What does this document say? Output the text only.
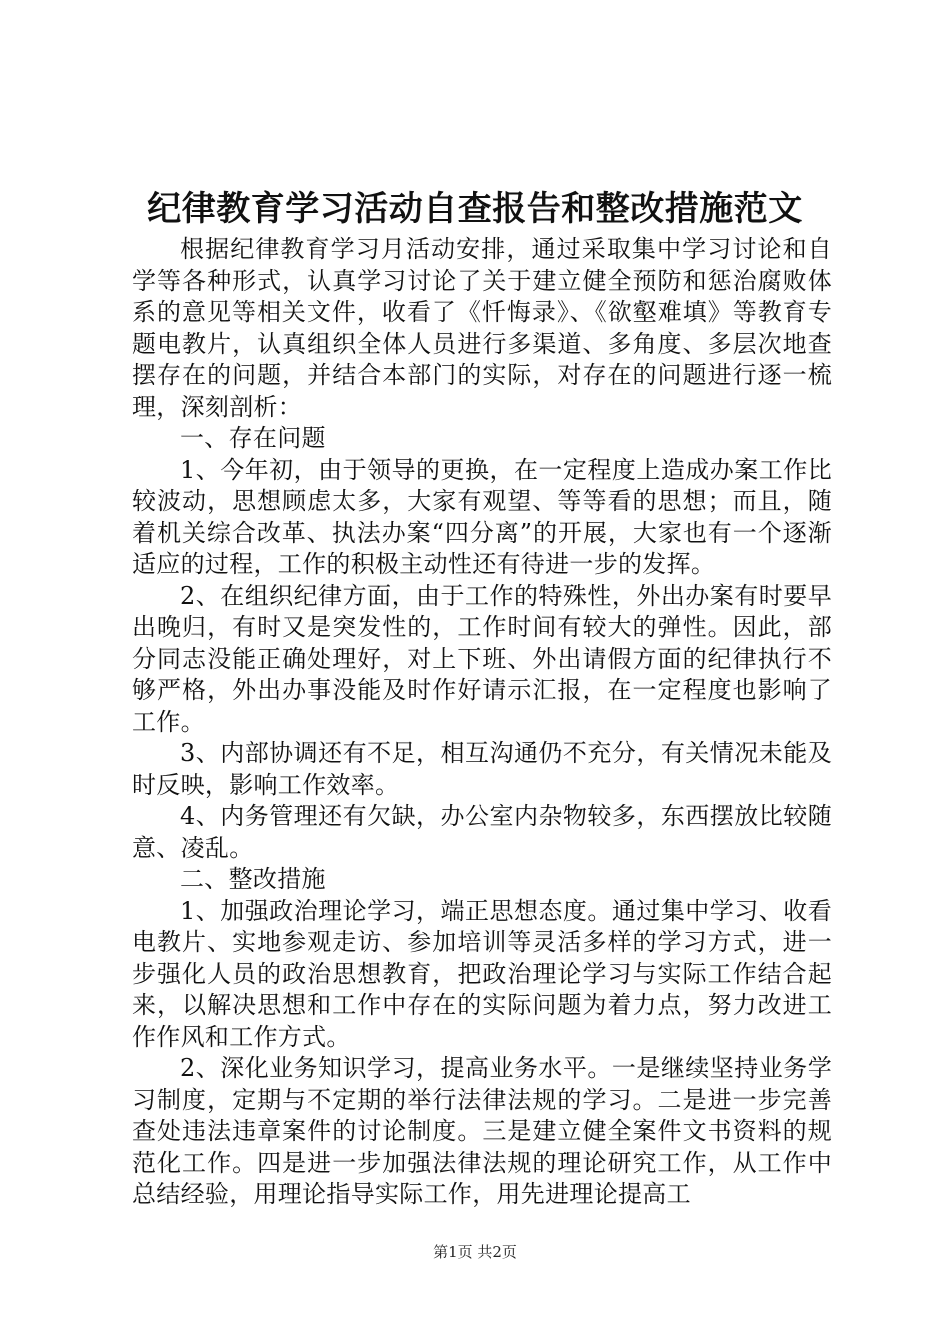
纪律教育学习活动自查报告和整改措施范文

根据纪律教育学习月活动安排，通过采取集中学习讨论和自学等各种形式，认真学习讨论了关于建立健全预防和惩治腐败体系的意见等相关文件，收看了《忏悔录》、《欲壑难填》等教育专题电教片，认真组织全体人员进行多渠道、多角度、多层次地查摆存在的问题，并结合本部门的实际，对存在的问题进行逐一梳理，深刻剖析：

一、存在问题

1、今年初，由于领导的更换，在一定程度上造成办案工作比较波动，思想顾虑太多，大家有观望、等等看的思想；而且，随着机关综合改革、执法办案“四分离”的开展，大家也有一个逐渐适应的过程，工作的积极主动性还有待进一步的发挥。

2、在组织纪律方面，由于工作的特殊性，外出办案有时要早出晚归，有时又是突发性的，工作时间有较大的弹性。因此，部分同志没能正确处理好，对上下班、外出请假方面的纪律执行不够严格，外出办事没能及时作好请示汇报，在一定程度也影响了工作。

3、内部协调还有不足，相互沟通仍不充分，有关情况未能及时反映，影响工作效率。

4、内务管理还有欠缺，办公室内杂物较多，东西摆放比较随意、凌乱。

二、整改措施

1、加强政治理论学习，端正思想态度。通过集中学习、收看电教片、实地参观走访、参加培训等灵活多样的学习方式，进一步强化人员的政治思想教育，把政治理论学习与实际工作结合起来，以解决思想和工作中存在的实际问题为着力点，努力改进工作作风和工作方式。

2、深化业务知识学习，提高业务水平。一是继续坚持业务学习制度，定期与不定期的举行法律法规的学习。二是进一步完善查处违法违章案件的讨论制度。三是建立健全案件文书资料的规范化工作。四是进一步加强法律法规的理论研究工作，从工作中总结经验，用理论指导实际工作，用先进理论提高工

第1页 共2页
